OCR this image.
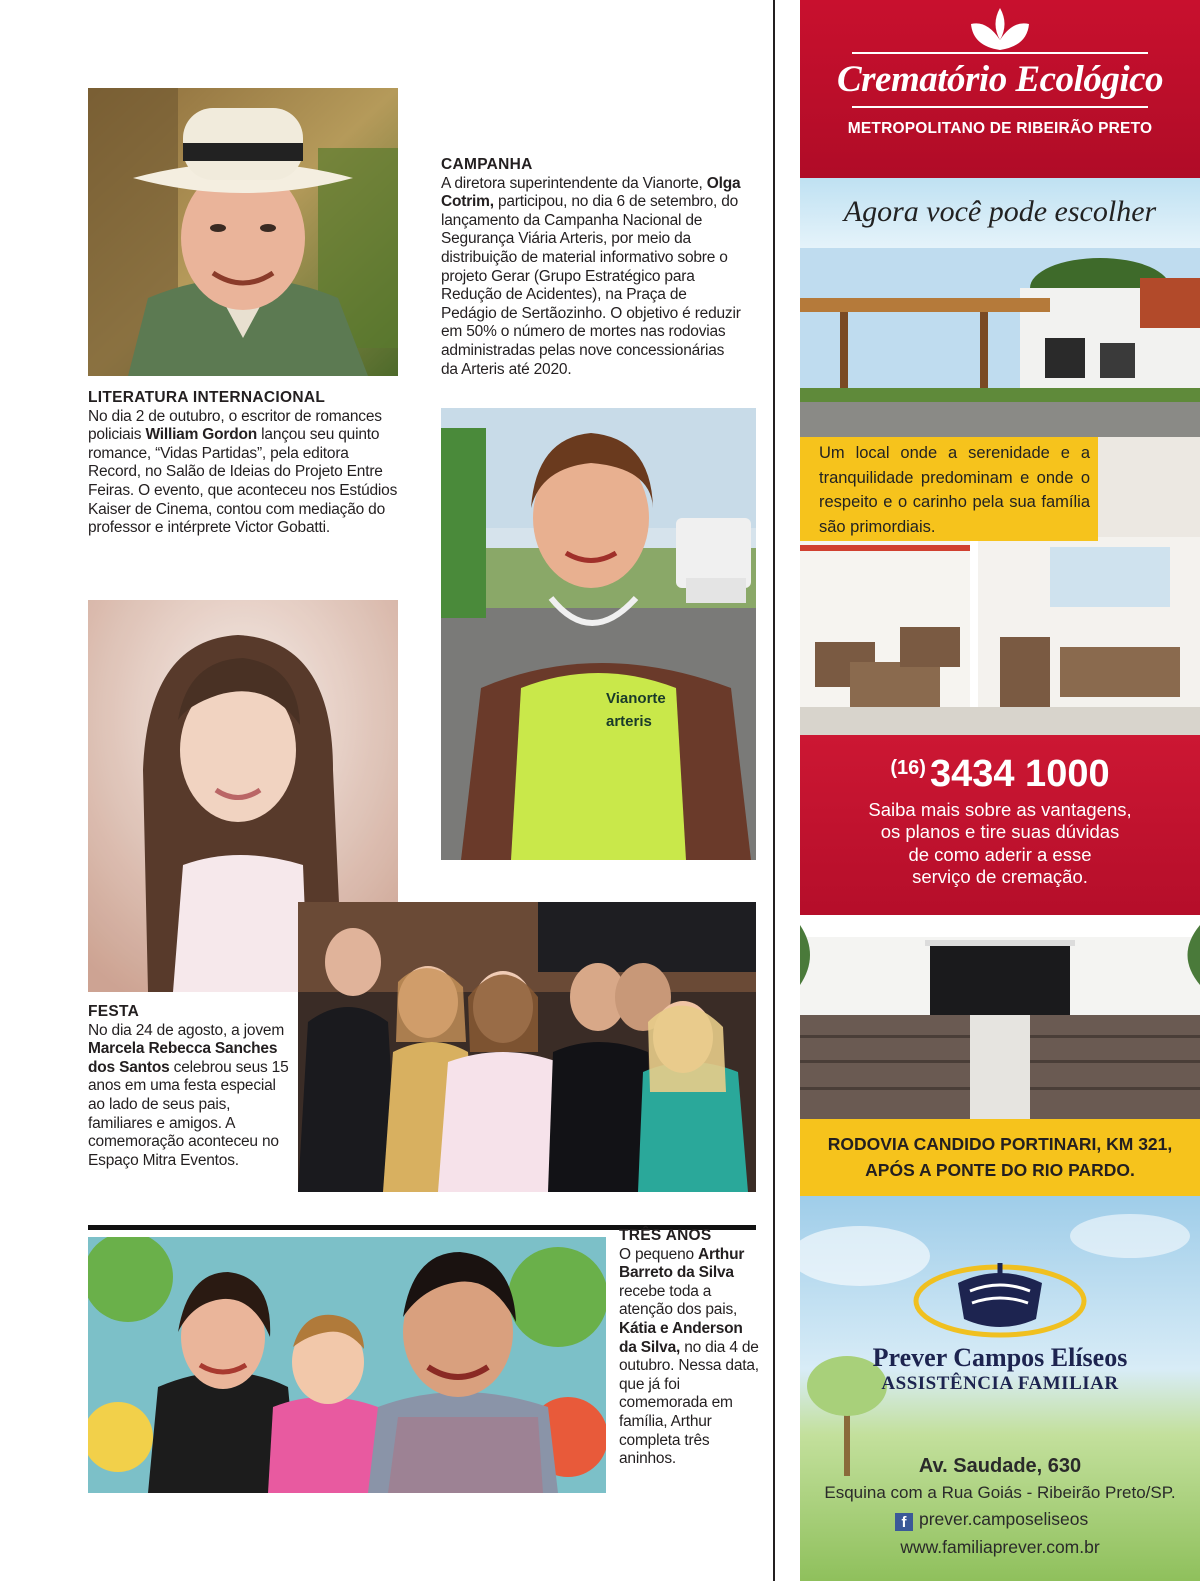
LITERATURA INTERNACIONAL
No dia 2 de outubro, o escritor de romances policiais William Gordon lançou seu quinto romance, “Vidas Partidas”, pela editora Record, no Salão de Ideias do Projeto Entre Feiras. O evento, que aconteceu nos Estúdios Kaiser de Cinema, contou com mediação do professor e intérprete Victor Gobatti.
CAMPANHA
A diretora superintendente da Vianorte, Olga Cotrim, participou, no dia 6 de setembro, do lançamento da Campanha Nacional de Segurança Viária Arteris, por meio da distribuição de material informativo sobre o projeto Gerar (Grupo Estratégico para Redução de Acidentes), na Praça de Pedágio de Sertãozinho. O objetivo é reduzir em 50% o número de mortes nas rodovias administradas pelas nove concessionárias da Arteris até 2020.
Vianorte
arteris
FESTA
No dia 24 de agosto, a jovem Marcela Rebecca Sanches dos Santos celebrou seus 15 anos em uma festa especial ao lado de seus pais, familiares e amigos. A comemoração aconteceu no Espaço Mitra Eventos.
TRÊS ANOS
O pequeno Arthur Barreto da Silva recebe toda a atenção dos pais, Kátia e Anderson da Silva, no dia 4 de outubro. Nessa data, que já foi comemorada em família, Arthur completa três aninhos.
Crematório Ecológico
METROPOLITANO DE RIBEIRÃO PRETO
Agora você pode escolher
Um local onde a serenidade e a tranquilidade predominam e onde o respeito e o carinho pela sua família são primordiais.
$^{(16)}$ 3434 1000
Saiba mais sobre as vantagens,
os planos e tire suas dúvidas
de como aderir a esse
serviço de cremação.
RODOVIA CANDIDO PORTINARI, KM 321,
APÓS A PONTE DO RIO PARDO.
Prever Campos Elíseos
ASSISTÊNCIA FAMILIAR
Av. Saudade, 630
Esquina com a Rua Goiás - Ribeirão Preto/SP.
f prever.camposeliseos
www.familiaprever.com.br
